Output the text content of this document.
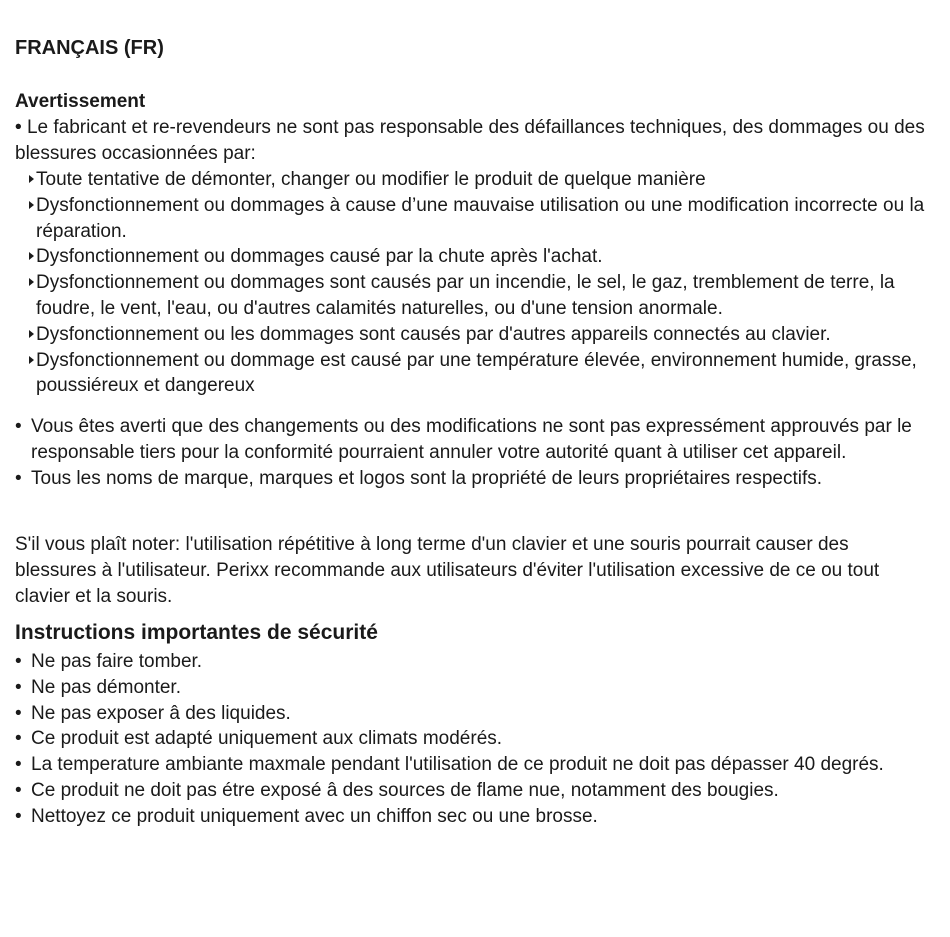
FRANÇAIS (FR)
Avertissement
• • Le fabricant et re-revendeurs ne sont pas responsable des défaillances techniques, des dommages ou des blessures occasionnées par:
Toute tentative de démonter, changer ou modifier le produit de quelque manière
Dysfonctionnement ou dommages à cause d’une mauvaise utilisation ou une modification incorrecte ou la réparation.
Dysfonctionnement ou dommages causé par la chute après l'achat.
Dysfonctionnement ou dommages sont causés par un incendie, le sel, le gaz, tremblement de terre, la foudre, le vent, l'eau, ou d'autres calamités naturelles, ou d'une tension anormale.
Dysfonctionnement ou les dommages sont causés par d'autres appareils connectés au clavier.
Dysfonctionnement ou dommage est causé par une température élevée, environnement humide, grasse, poussiéreux et dangereux
• Vous êtes averti que des changements ou des modifications ne sont pas expressément approuvés par le responsable tiers pour la conformité pourraient annuler votre autorité quant à utiliser cet appareil.
• Tous les noms de marque, marques et logos sont la propriété de leurs propriétaires respectifs.

S'il vous plaît noter: l'utilisation répétitive à long terme d'un clavier et une souris pourrait causer des blessures à l'utilisateur. Perixx recommande aux utilisateurs d'éviter l'utilisation excessive de ce ou tout clavier et la souris.

Instructions importantes de sécurité
• Ne pas faire tomber.
• Ne pas démonter.
• Ne pas exposer â des liquides.
• Ce produit est adapté uniquement aux climats modérés.
• La temperature ambiante maxmale pendant l'utilisation de ce produit ne doit pas dépasser 40 degrés.
• Ce produit ne doit pas étre exposé â des sources de flame nue, notamment des bougies.
• Nettoyez ce produit uniquement avec un chiffon sec ou une brosse.
